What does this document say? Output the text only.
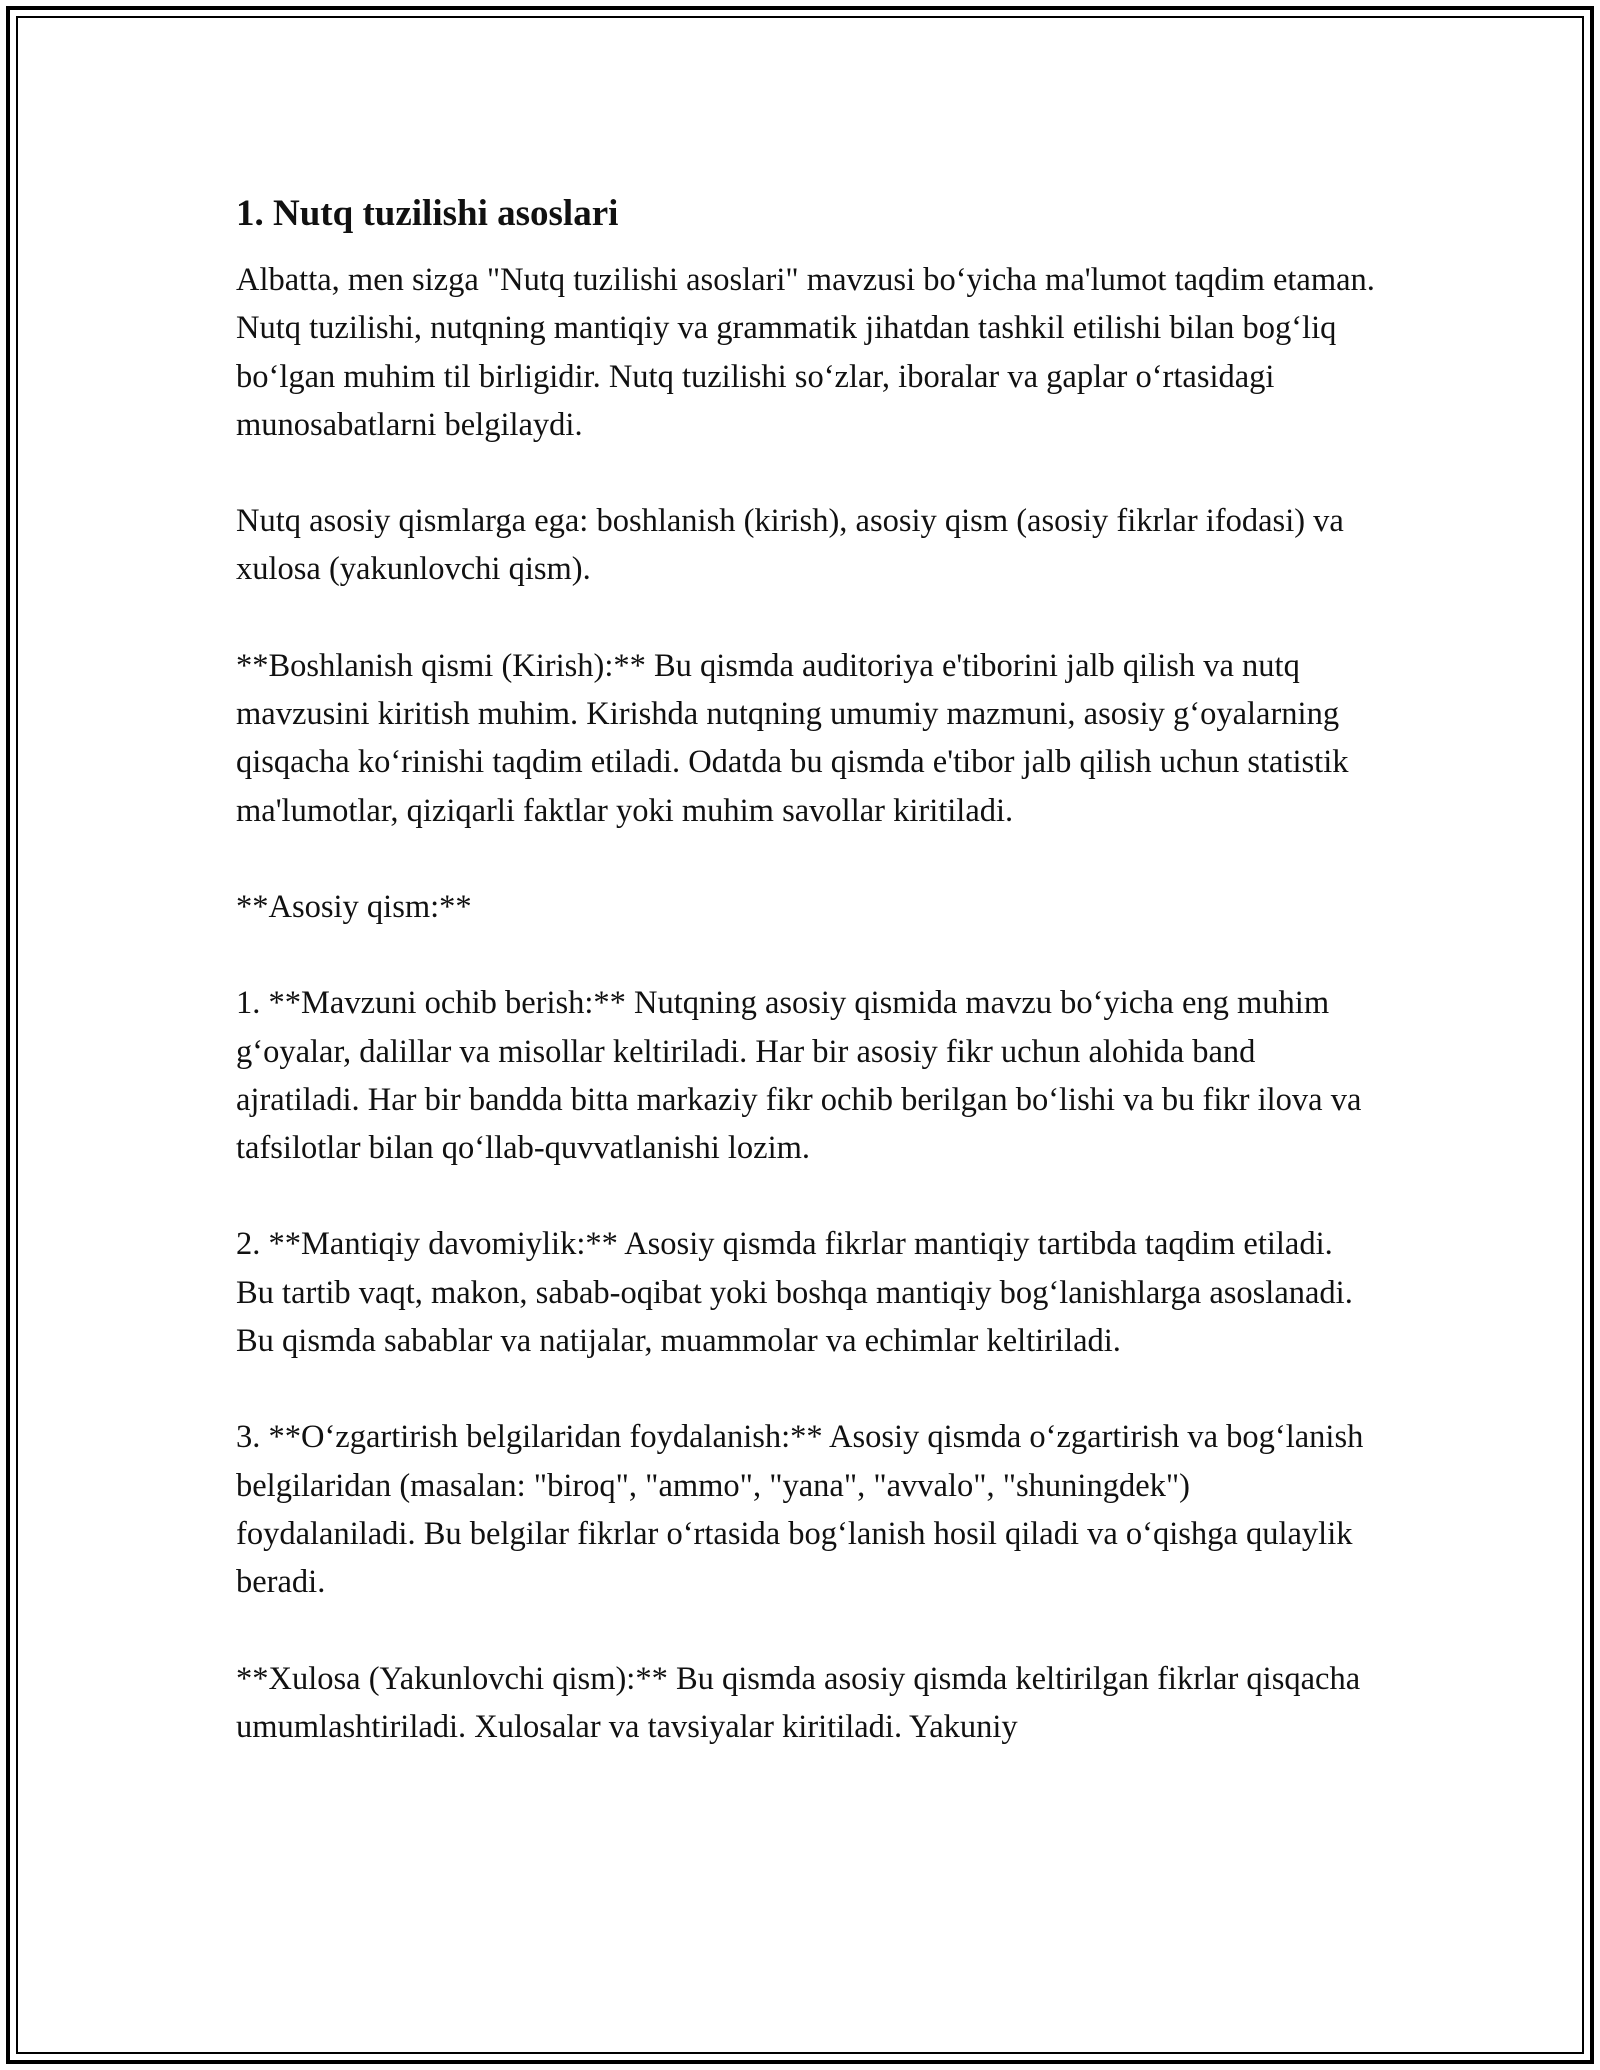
1. Nutq tuzilishi asoslari

Albatta, men sizga "Nutq tuzilishi asoslari" mavzusi bo‘yicha ma'lumot taqdim etaman. Nutq tuzilishi, nutqning mantiqiy va grammatik jihatdan tashkil etilishi bilan bog‘liq bo‘lgan muhim til birligidir. Nutq tuzilishi so‘zlar, iboralar va gaplar o‘rtasidagi munosabatlarni belgilaydi.

Nutq asosiy qismlarga ega: boshlanish (kirish), asosiy qism (asosiy fikrlar ifodasi) va xulosa (yakunlovchi qism).

**Boshlanish qismi (Kirish):** Bu qismda auditoriya e'tiborini jalb qilish va nutq mavzusini kiritish muhim. Kirishda nutqning umumiy mazmuni, asosiy g‘oyalarning qisqacha ko‘rinishi taqdim etiladi. Odatda bu qismda e'tibor jalb qilish uchun statistik ma'lumotlar, qiziqarli faktlar yoki muhim savollar kiritiladi.

**Asosiy qism:**

1. **Mavzuni ochib berish:** Nutqning asosiy qismida mavzu bo‘yicha eng muhim g‘oyalar, dalillar va misollar keltiriladi. Har bir asosiy fikr uchun alohida band ajratiladi. Har bir bandda bitta markaziy fikr ochib berilgan bo‘lishi va bu fikr ilova va tafsilotlar bilan qo‘llab-quvvatlanishi lozim.

2. **Mantiqiy davomiylik:** Asosiy qismda fikrlar mantiqiy tartibda taqdim etiladi. Bu tartib vaqt, makon, sabab-oqibat yoki boshqa mantiqiy bog‘lanishlarga asoslanadi. Bu qismda sabablar va natijalar, muammolar va echimlar keltiriladi.

3. **O‘zgartirish belgilaridan foydalanish:** Asosiy qismda o‘zgartirish va bog‘lanish belgilaridan (masalan: "biroq", "ammo", "yana", "avvalo", "shuningdek") foydalaniladi. Bu belgilar fikrlar o‘rtasida bog‘lanish hosil qiladi va o‘qishga qulaylik beradi.

**Xulosa (Yakunlovchi qism):** Bu qismda asosiy qismda keltirilgan fikrlar qisqacha umumlashtiriladi. Xulosalar va tavsiyalar kiritiladi. Yakuniy
